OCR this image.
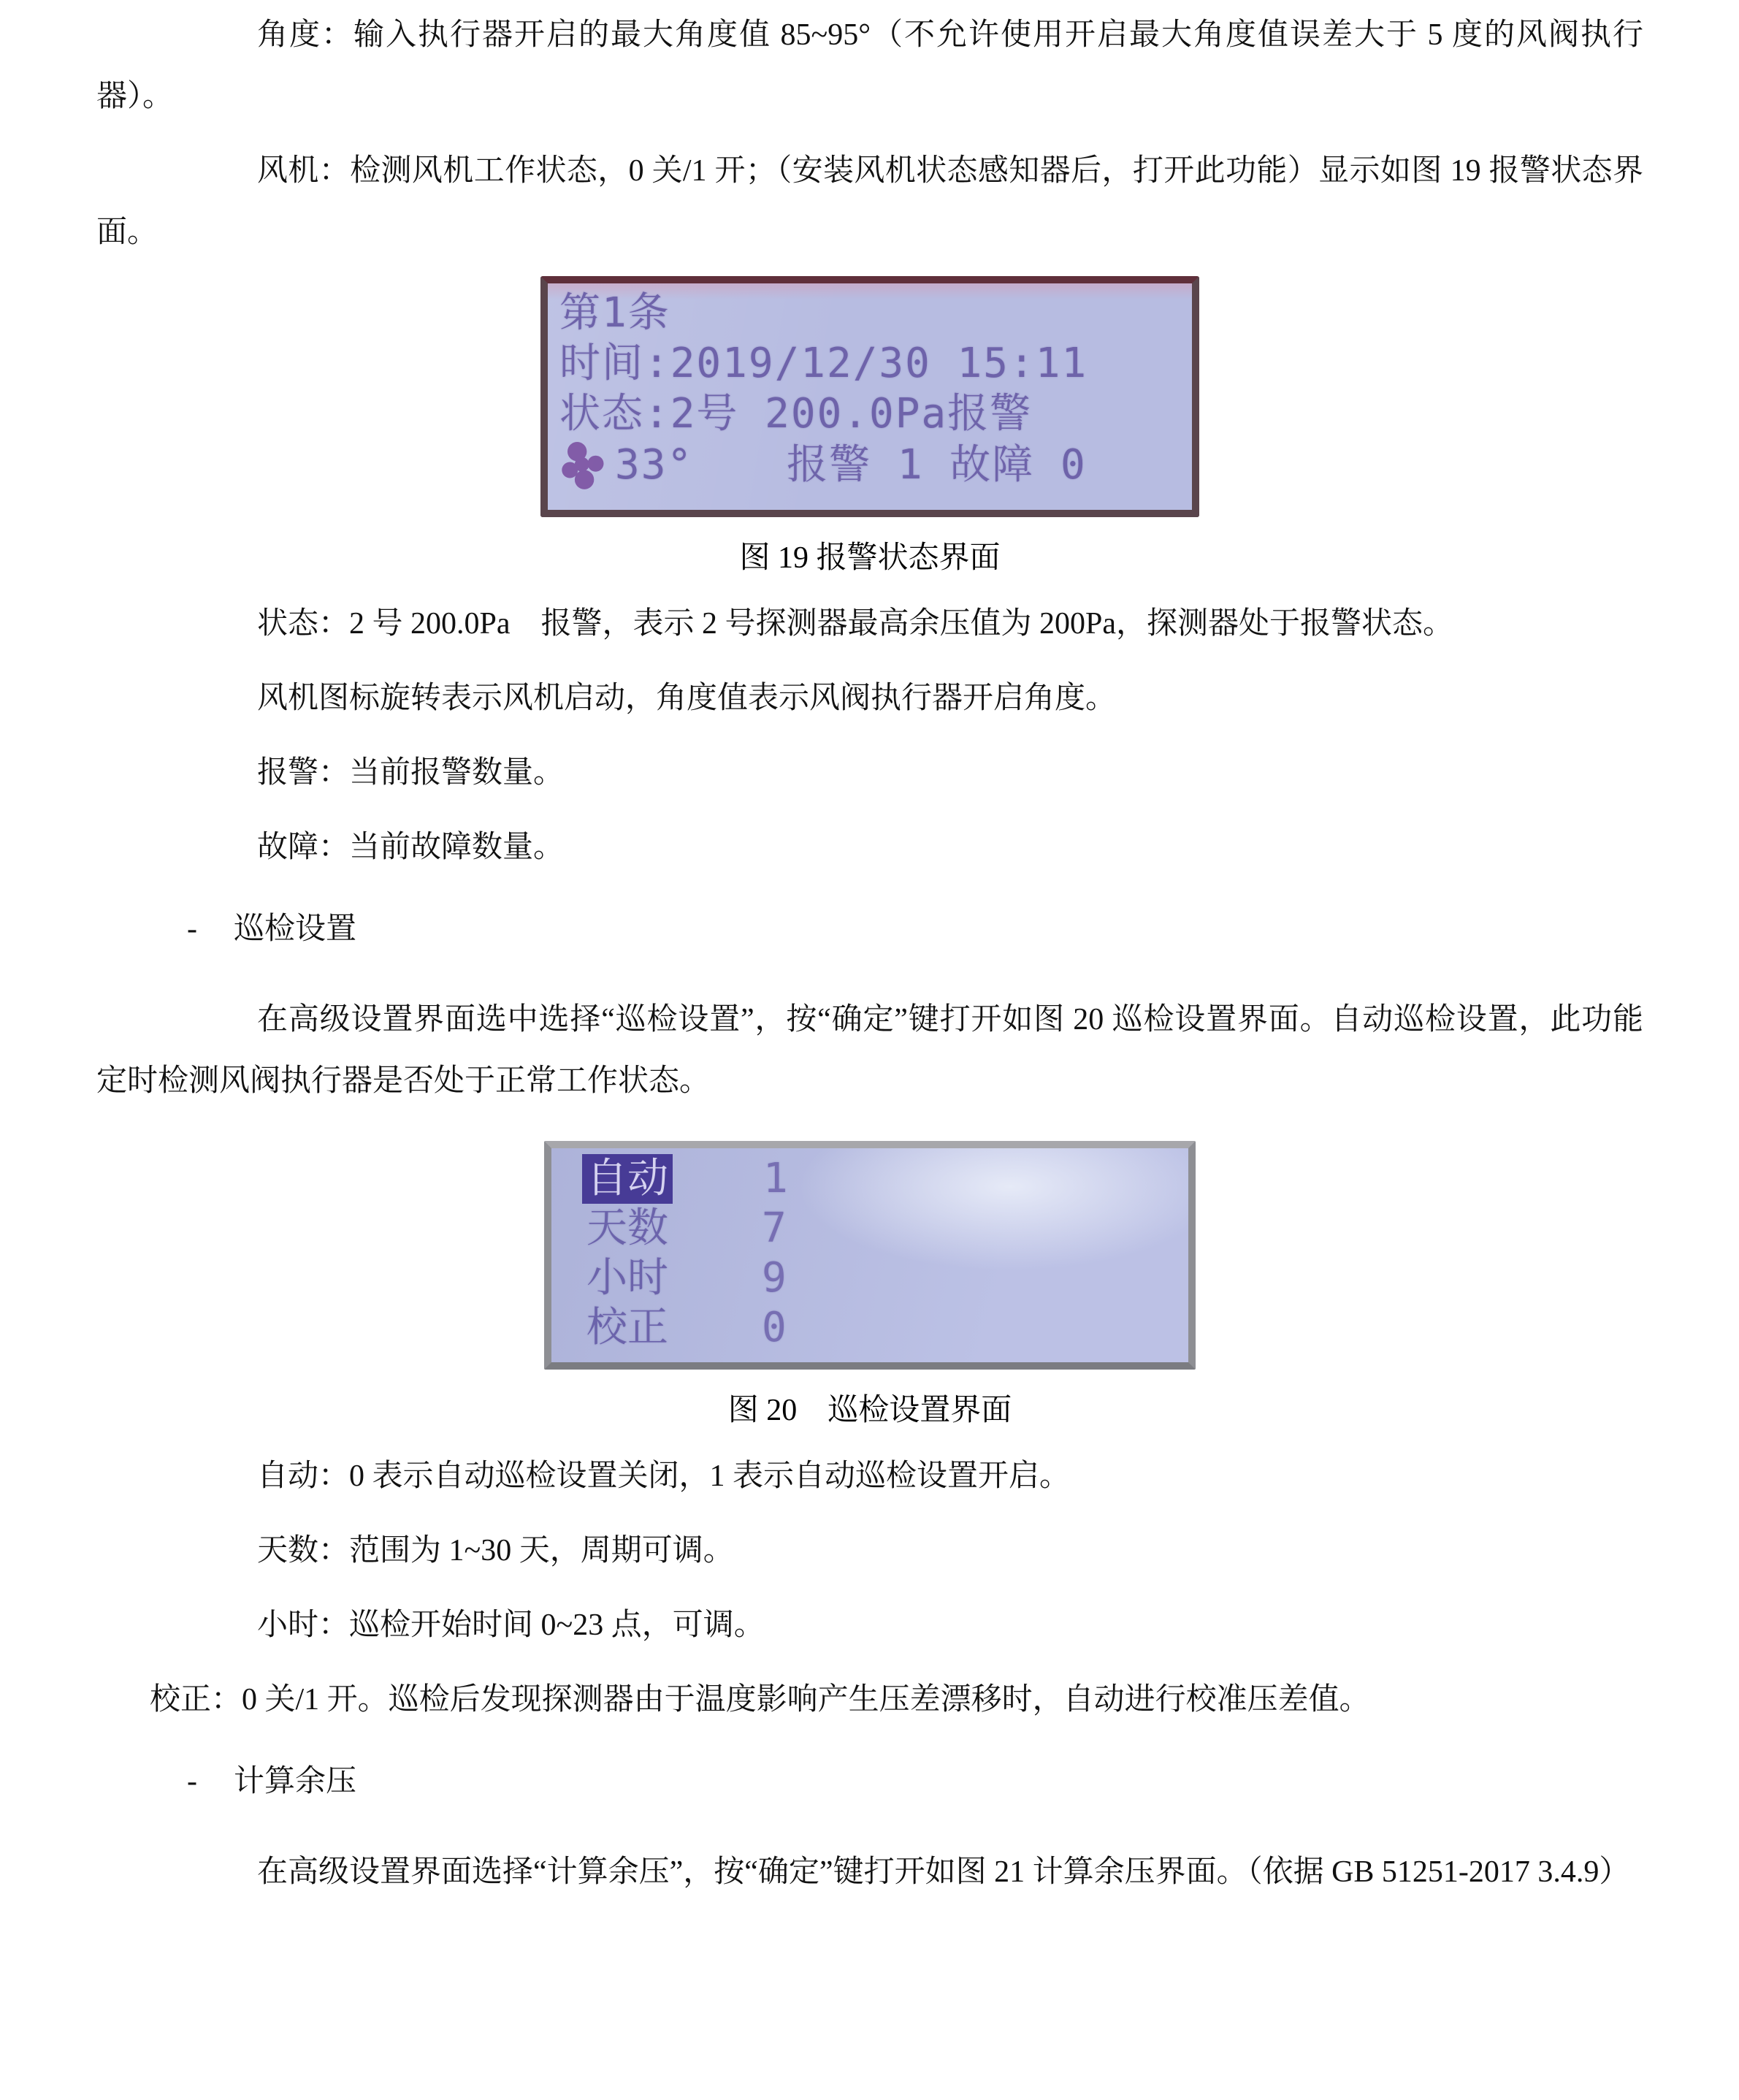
角度：输入执行器开启的最大角度值 85~95°（不允许使用开启最大角度值误差大于 5 度的风阀执行器）。

风机：检测风机工作状态，0 关/1 开；（安装风机状态感知器后，打开此功能）显示如图 19 报警状态界面。

第1条
时间:2019/12/30 15:11
状态:2号 200.0Pa报警
33° 报警 1 故障 0
图 19 报警状态界面

状态：2 号 200.0Pa　报警，表示 2 号探测器最高余压值为 200Pa，探测器处于报警状态。

风机图标旋转表示风机启动，角度值表示风阀执行器开启角度。

报警：当前报警数量。

故障：当前故障数量。

- 巡检设置

在高级设置界面选中选择“巡检设置”，按“确定”键打开如图 20 巡检设置界面。自动巡检设置，此功能定时检测风阀执行器是否处于正常工作状态。

自动 1
天数	7
小时	9
校正	0
图 20　巡检设置界面

自动：0 表示自动巡检设置关闭，1 表示自动巡检设置开启。

天数：范围为 1~30 天，周期可调。

小时：巡检开始时间 0~23 点，可调。

校正：0 关/1 开。巡检后发现探测器由于温度影响产生压差漂移时，自动进行校准压差值。

- 计算余压

在高级设置界面选择“计算余压”，按“确定”键打开如图 21 计算余压界面。（依据 GB 51251-2017 3.4.9）
